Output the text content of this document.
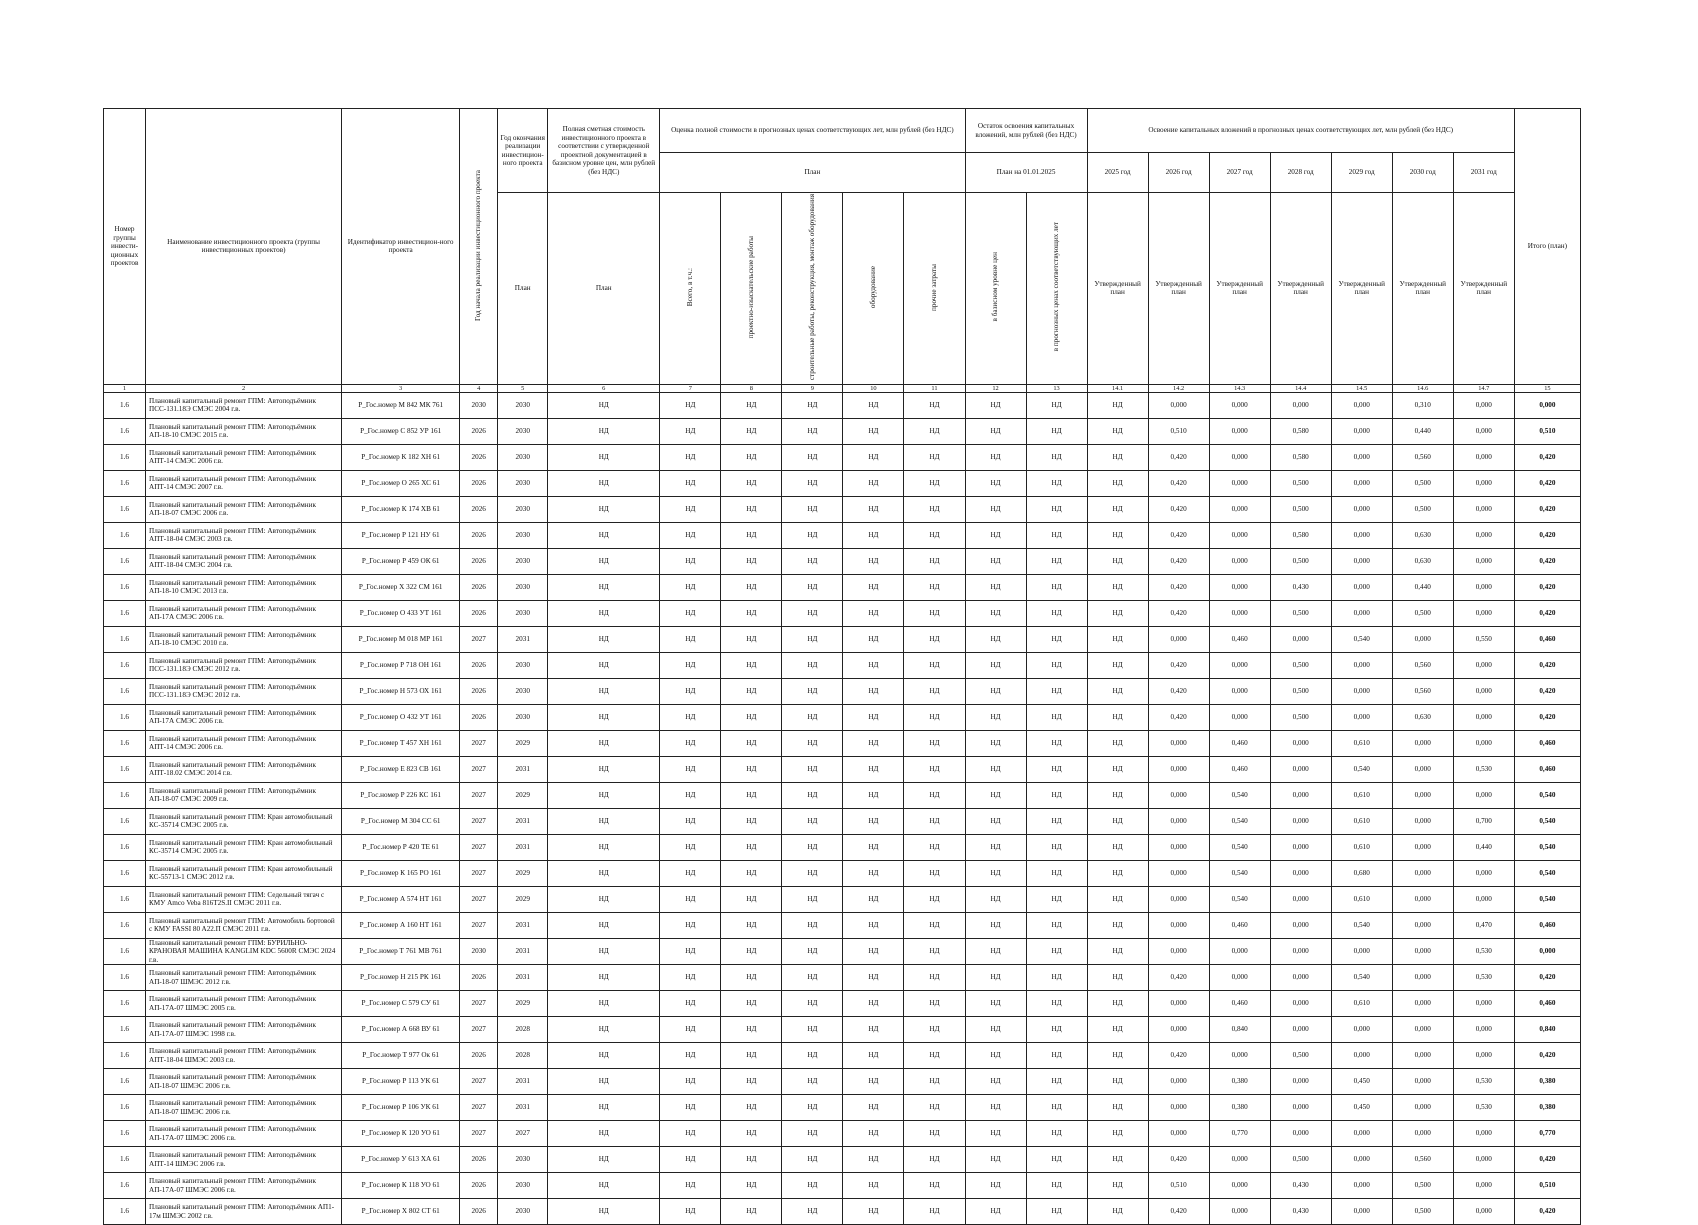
Номер группы инвести-ционных проектов	Наименование инвестиционного проекта (группы инвестиционных проектов)	Идентификатор инвестицион-ного проекта	Год начала реализации инвестиционного проекта	Год окончания реализации инвестицион-ного проекта	Полная сметная стоимость инвестиционного проекта в соответствии с утвержденной проектной документацией в базисном уровне цен, млн рублей (без НДС)	Оценка полной стоимости в прогнозных ценах соответствующих лет, млн рублей (без НДС)					Остаток освоения капитальных вложений, млн рублей (без НДС)		Освоение капитальных вложений в прогнозных ценах соответствующих лет, млн рублей (без НДС)							Итого (план)
						План					План на 01.01.2025		2025 год	2026 год	2027 год	2028 год	2029 год	2030 год	2031 год	
				План	План	Всего, в т.ч.:	проектно-изыскательские работы	строительные работы, реконструкция, монтаж оборудования	оборудование	прочие затраты	в базисном уровне цен	в прогнозных ценах соответствующих лет	Утвержденный план	Утвержденный план	Утвержденный план	Утвержденный план	Утвержденный план	Утвержденный план	Утвержденный план	
1	2	3	4	5	6	7	8	9	10	11	12	13	14.1	14.2	14.3	14.4	14.5	14.6	14.7	15
1.6	Плановый капитальный ремонт ГПМ: Автоподъёмник ПСС-131.18Э СМЭС 2004 г.в.	Р_Гос.номер М 842 МК 761	2030	2030	НД	НД	НД	НД	НД	НД	НД	НД	НД	0,000	0,000	0,000	0,000	0,310	0,000	0,000
1.6	Плановый капитальный ремонт ГПМ: Автоподъёмник АП-18-10 СМЭС 2015 г.в.	Р_Гос.номер С 852 УР 161	2026	2030	НД	НД	НД	НД	НД	НД	НД	НД	НД	0,510	0,000	0,580	0,000	0,440	0,000	0,510
1.6	Плановый капитальный ремонт ГПМ: Автоподъёмник АПТ-14 СМЭС 2006 г.в.	Р_Гос.номер К 182 ХН 61	2026	2030	НД	НД	НД	НД	НД	НД	НД	НД	НД	0,420	0,000	0,580	0,000	0,560	0,000	0,420
1.6	Плановый капитальный ремонт ГПМ: Автоподъёмник АПТ-14 СМЭС 2007 г.в.	Р_Гос.номер О 265 ХС 61	2026	2030	НД	НД	НД	НД	НД	НД	НД	НД	НД	0,420	0,000	0,500	0,000	0,500	0,000	0,420
1.6	Плановый капитальный ремонт ГПМ: Автоподъёмник АП-18-07 СМЭС 2006 г.в.	Р_Гос.номер К 174 ХВ 61	2026	2030	НД	НД	НД	НД	НД	НД	НД	НД	НД	0,420	0,000	0,500	0,000	0,500	0,000	0,420
1.6	Плановый капитальный ремонт ГПМ: Автоподъёмник АПТ-18-04 СМЭС 2003 г.в.	Р_Гос.номер Р 121 НУ 61	2026	2030	НД	НД	НД	НД	НД	НД	НД	НД	НД	0,420	0,000	0,580	0,000	0,630	0,000	0,420
1.6	Плановый капитальный ремонт ГПМ: Автоподъёмник АПТ-18-04 СМЭС 2004 г.в.	Р_Гос.номер Р 459 ОК 61	2026	2030	НД	НД	НД	НД	НД	НД	НД	НД	НД	0,420	0,000	0,500	0,000	0,630	0,000	0,420
1.6	Плановый капитальный ремонт ГПМ: Автоподъёмник АП-18-10 СМЭС 2013 г.в.	Р_Гос.номер Х 322 СМ 161	2026	2030	НД	НД	НД	НД	НД	НД	НД	НД	НД	0,420	0,000	0,430	0,000	0,440	0,000	0,420
1.6	Плановый капитальный ремонт ГПМ: Автоподъёмник АП-17А СМЭС 2006 г.в.	Р_Гос.номер О 433 УТ 161	2026	2030	НД	НД	НД	НД	НД	НД	НД	НД	НД	0,420	0,000	0,500	0,000	0,500	0,000	0,420
1.6	Плановый капитальный ремонт ГПМ: Автоподъёмник АП-18-10 СМЭС 2010 г.в.	Р_Гос.номер М 018 МР 161	2027	2031	НД	НД	НД	НД	НД	НД	НД	НД	НД	0,000	0,460	0,000	0,540	0,000	0,550	0,460
1.6	Плановый капитальный ремонт ГПМ: Автоподъёмник ПСС-131.18Э СМЭС 2012 г.в.	Р_Гос.номер Р 718 ОН 161	2026	2030	НД	НД	НД	НД	НД	НД	НД	НД	НД	0,420	0,000	0,500	0,000	0,560	0,000	0,420
1.6	Плановый капитальный ремонт ГПМ: Автоподъёмник ПСС-131.18Э СМЭС 2012 г.в.	Р_Гос.номер Н 573 ОХ 161	2026	2030	НД	НД	НД	НД	НД	НД	НД	НД	НД	0,420	0,000	0,500	0,000	0,560	0,000	0,420
1.6	Плановый капитальный ремонт ГПМ: Автоподъёмник АП-17А СМЭС 2006 г.в.	Р_Гос.номер О 432 УТ 161	2026	2030	НД	НД	НД	НД	НД	НД	НД	НД	НД	0,420	0,000	0,500	0,000	0,630	0,000	0,420
1.6	Плановый капитальный ремонт ГПМ: Автоподъёмник АПТ-14 СМЭС 2006 г.в.	Р_Гос.номер Т 457 ХН 161	2027	2029	НД	НД	НД	НД	НД	НД	НД	НД	НД	0,000	0,460	0,000	0,610	0,000	0,000	0,460
1.6	Плановый капитальный ремонт ГПМ: Автоподъёмник АПТ-18.02 СМЭС 2014 г.в.	Р_Гос.номер Е 823 СВ 161	2027	2031	НД	НД	НД	НД	НД	НД	НД	НД	НД	0,000	0,460	0,000	0,540	0,000	0,530	0,460
1.6	Плановый капитальный ремонт ГПМ: Автоподъёмник АП-18-07 СМЭС 2009 г.в.	Р_Гос.номер Р 226 КС 161	2027	2029	НД	НД	НД	НД	НД	НД	НД	НД	НД	0,000	0,540	0,000	0,610	0,000	0,000	0,540
1.6	Плановый капитальный ремонт ГПМ: Кран автомобильный КС-35714 СМЭС 2005 г.в.	Р_Гос.номер М 304 СС 61	2027	2031	НД	НД	НД	НД	НД	НД	НД	НД	НД	0,000	0,540	0,000	0,610	0,000	0,700	0,540
1.6	Плановый капитальный ремонт ГПМ: Кран автомобильный КС-35714 СМЭС 2005 г.в.	Р_Гос.номер Р 420 ТЕ 61	2027	2031	НД	НД	НД	НД	НД	НД	НД	НД	НД	0,000	0,540	0,000	0,610	0,000	0,440	0,540
1.6	Плановый капитальный ремонт ГПМ: Кран автомобильный КС-55713-1 СМЭС 2012 г.в.	Р_Гос.номер К 165 РО 161	2027	2029	НД	НД	НД	НД	НД	НД	НД	НД	НД	0,000	0,540	0,000	0,680	0,000	0,000	0,540
1.6	Плановый капитальный ремонт ГПМ: Седельный тягач с КМУ Amco Veba 816T2S.II СМЭС 2011 г.в.	Р_Гос.номер А 574 НТ 161	2027	2029	НД	НД	НД	НД	НД	НД	НД	НД	НД	0,000	0,540	0,000	0,610	0,000	0,000	0,540
1.6	Плановый капитальный ремонт ГПМ: Автомобиль бортовой с КМУ FASSI 80 A22.П СМЭС 2011 г.в.	Р_Гос.номер А 160 НТ 161	2027	2031	НД	НД	НД	НД	НД	НД	НД	НД	НД	0,000	0,460	0,000	0,540	0,000	0,470	0,460
1.6	Плановый капитальный ремонт ГПМ: БУРИЛЬНО-КРАНОВАЯ МАШИНА KANGLIM KDC 5600R СМЭС 2024 г.в.	Р_Гос.номер Т 761 МВ 761	2030	2031	НД	НД	НД	НД	НД	НД	НД	НД	НД	0,000	0,000	0,000	0,000	0,000	0,530	0,000
1.6	Плановый капитальный ремонт ГПМ: Автоподъёмник АП-18-07 ШМЭС 2012 г.в.	Р_Гос.номер Н 215 РК 161	2026	2031	НД	НД	НД	НД	НД	НД	НД	НД	НД	0,420	0,000	0,000	0,540	0,000	0,530	0,420
1.6	Плановый капитальный ремонт ГПМ: Автоподъёмник АП-17А-07 ШМЭС 2005 г.в.	Р_Гос.номер С 579 СУ 61	2027	2029	НД	НД	НД	НД	НД	НД	НД	НД	НД	0,000	0,460	0,000	0,610	0,000	0,000	0,460
1.6	Плановый капитальный ремонт ГПМ: Автоподъёмник АП-17А-07 ШМЭС 1998 г.в.	Р_Гос.номер А 668 ВУ 61	2027	2028	НД	НД	НД	НД	НД	НД	НД	НД	НД	0,000	0,840	0,000	0,000	0,000	0,000	0,840
1.6	Плановый капитальный ремонт ГПМ: Автоподъёмник АПТ-18-04 ШМЭС 2003 г.в.	Р_Гос.номер Т 977 Ок 61	2026	2028	НД	НД	НД	НД	НД	НД	НД	НД	НД	0,420	0,000	0,500	0,000	0,000	0,000	0,420
1.6	Плановый капитальный ремонт ГПМ: Автоподъёмник АП-18-07 ШМЭС 2006 г.в.	Р_Гос.номер Р 113 УК 61	2027	2031	НД	НД	НД	НД	НД	НД	НД	НД	НД	0,000	0,380	0,000	0,450	0,000	0,530	0,380
1.6	Плановый капитальный ремонт ГПМ: Автоподъёмник АП-18-07 ШМЭС 2006 г.в.	Р_Гос.номер Р 106 УК 61	2027	2031	НД	НД	НД	НД	НД	НД	НД	НД	НД	0,000	0,380	0,000	0,450	0,000	0,530	0,380
1.6	Плановый капитальный ремонт ГПМ: Автоподъёмник АП-17А-07 ШМЭС 2006 г.в.	Р_Гос.номер К 120 УО 61	2027	2027	НД	НД	НД	НД	НД	НД	НД	НД	НД	0,000	0,770	0,000	0,000	0,000	0,000	0,770
1.6	Плановый капитальный ремонт ГПМ: Автоподъёмник АПТ-14 ШМЭС 2006 г.в.	Р_Гос.номер У 613 ХА 61	2026	2030	НД	НД	НД	НД	НД	НД	НД	НД	НД	0,420	0,000	0,500	0,000	0,560	0,000	0,420
1.6	Плановый капитальный ремонт ГПМ: Автоподъёмник АП-17А-07 ШМЭС 2006 г.в.	Р_Гос.номер К 118 УО 61	2026	2030	НД	НД	НД	НД	НД	НД	НД	НД	НД	0,510	0,000	0,430	0,000	0,500	0,000	0,510
1.6	Плановый капитальный ремонт ГПМ: Автоподъёмник АП1-17м ШМЭС 2002 г.в.	Р_Гос.номер Х 802 СТ 61	2026	2030	НД	НД	НД	НД	НД	НД	НД	НД	НД	0,420	0,000	0,430	0,000	0,500	0,000	0,420
